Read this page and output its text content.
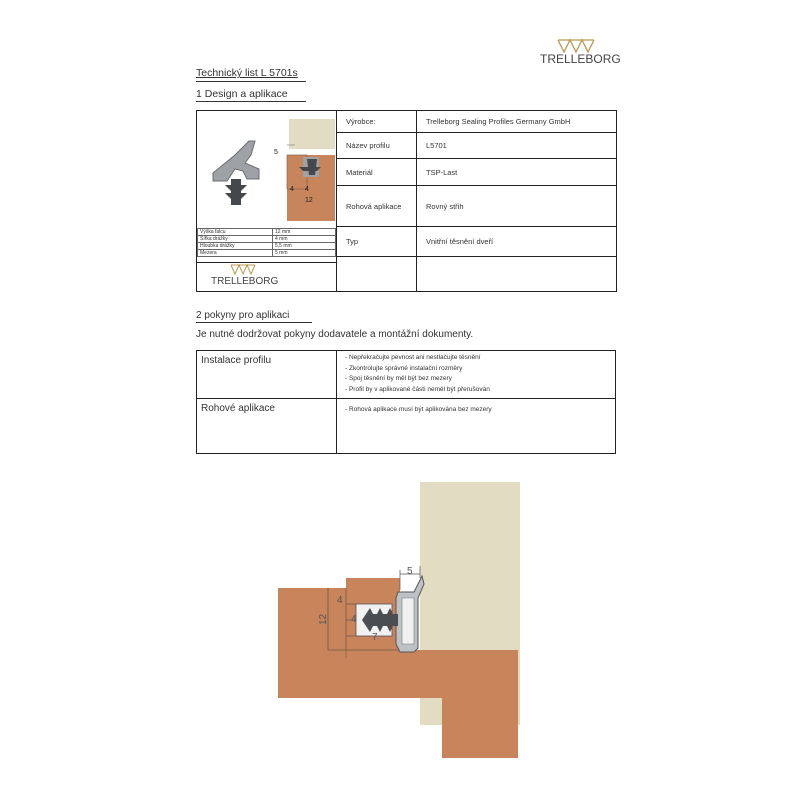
TRELLEBORG
Technický list L 5701s
1 Design a aplikace
5
4 4
12
Výška falcu	12 mm
Šířka drážky	4 mm
Hloubka drážky	5,5 mm
Mezera	5 mm
TRELLEBORG
Výrobce:	Trelleborg Sealing Profiles Germany GmbH
Název profilu	L5701
Materiál	TSP-Last
Rohová aplikace	Rovný střih
Typ	Vnitřní těsnění dveří

2 pokyny pro aplikaci
Je nutné dodržovat pokyny dodavatele a montážní dokumenty.
Instalace profilu	- Nepřekračujte pevnost ani nestlačujte těsnění
- Zkontrolujte správné instalační rozměry
- Spoj těsnění by měl být bez mezery
- Profil by v aplikované části neměl být přerušován

Rohové aplikace	- Rohová aplikace musí být aplikována bez mezery
5
4
4
12
7
